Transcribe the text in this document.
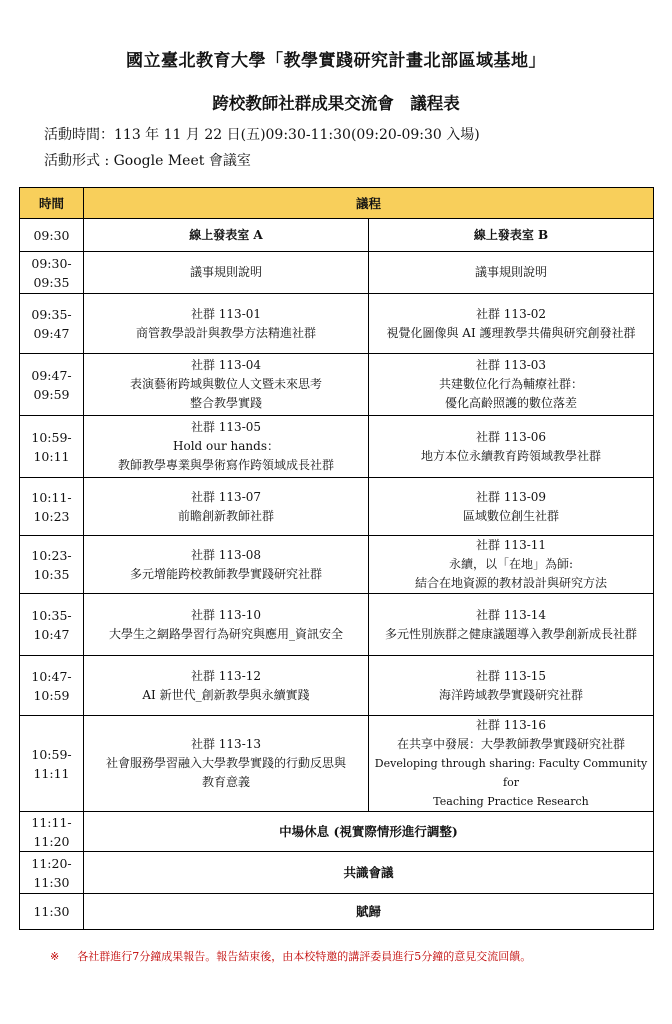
國立臺北教育大學「教學實踐研究計畫北部區域基地」
跨校教師社群成果交流會　議程表
活動時間：113 年 11 月 22 日(五)09:30-11:30(09:20-09:30 入場)
活動形式 : Google Meet 會議室
時間	議程	

09:30	線上發表室 A	線上發表室 B

09:30-
09:35	議事規則說明	議事規則說明

09:35-
09:47	社群 113-01
商管教學設計與教學方法精進社群	社群 113-02
視覺化圖像與 AI 護理教學共備與研究創發社群

09:47-
09:59	社群 113-04
表演藝術跨域與數位人文暨未來思考
整合教學實踐	社群 113-03
共建數位化行為輔療社群：
優化高齡照護的數位落差

10:59-
10:11	社群 113-05
Hold our hands：
教師教學專業與學術寫作跨領域成長社群	社群 113-06
地方本位永續教育跨領域教學社群

10:11-
10:23	社群 113-07
前瞻創新教師社群	社群 113-09
區域數位創生社群

10:23-
10:35	社群 113-08
多元增能跨校教師教學實踐研究社群	社群 113-11
永續，以「在地」為師:
結合在地資源的教材設計與研究方法

10:35-
10:47	社群 113-10
大學生之網路學習行為研究與應用_資訊安全	社群 113-14
多元性別族群之健康議題導入教學創新成長社群

10:47-
10:59	社群 113-12
AI 新世代_創新教學與永續實踐	社群 113-15
海洋跨域教學實踐研究社群

10:59-
11:11	社群 113-13
社會服務學習融入大學教學實踐的行動反思與
教育意義	社群 113-16
在共享中發展：大學教師教學實踐研究社群
Developing through sharing: Faculty Community for
Teaching Practice Research

11:11-
11:20	中場休息 (視實際情形進行調整)	

11:20-
11:30	共識會議	

11:30	賦歸	
※ 各社群進行7分鐘成果報告。報告結束後，由本校特邀的講評委員進行5分鐘的意見交流回饋。
